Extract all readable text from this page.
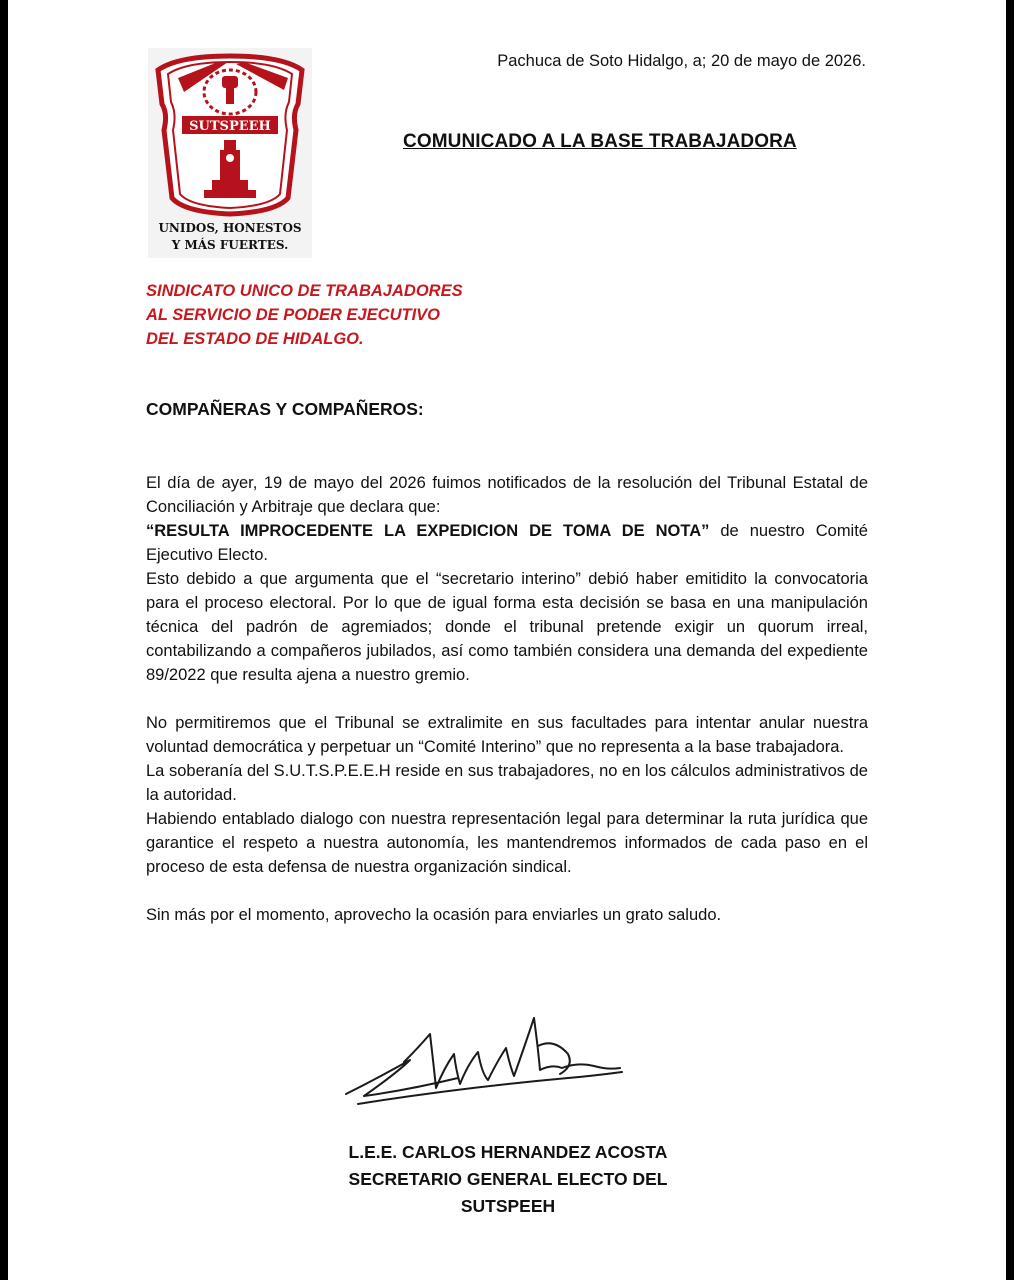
Pachuca de Soto Hidalgo, a; 20 de mayo de 2026.
SUTSPEEH
UNIDOS, HONESTOS
Y MÁS FUERTES.
COMUNICADO A LA BASE TRABAJADORA
SINDICATO UNICO DE TRABAJADORES
AL SERVICIO DE PODER EJECUTIVO
DEL ESTADO DE HIDALGO.
COMPAÑERAS Y COMPAÑEROS:

El día de ayer, 19 de mayo del 2026 fuimos notificados de la resolución del Tribunal Estatal de Conciliación y Arbitraje que declara que:
“RESULTA IMPROCEDENTE LA EXPEDICION DE TOMA DE NOTA” de nuestro Comité Ejecutivo Electo.

Esto debido a que argumenta que el “secretario interino” debió haber emitidito la convocatoria para el proceso electoral. Por lo que de igual forma esta decisión se basa en una manipulación técnica del padrón de agremiados; donde el tribunal pretende exigir un quorum irreal, contabilizando a compañeros jubilados, así como también considera una demanda del expediente 89/2022 que resulta ajena a nuestro gremio.

No permitiremos que el Tribunal se extralimite en sus facultades para intentar anular nuestra voluntad democrática y perpetuar un “Comité Interino” que no representa a la base trabajadora.

La soberanía del S.U.T.S.P.E.E.H reside en sus trabajadores, no en los cálculos administrativos de la autoridad.

Habiendo entablado dialogo con nuestra representación legal para determinar la ruta jurídica que garantice el respeto a nuestra autonomía, les mantendremos informados de cada paso en el proceso de esta defensa de nuestra organización sindical.

Sin más por el momento, aprovecho la ocasión para enviarles un grato saludo.

L.E.E. CARLOS HERNANDEZ ACOSTA
SECRETARIO GENERAL ELECTO DEL
SUTSPEEH
